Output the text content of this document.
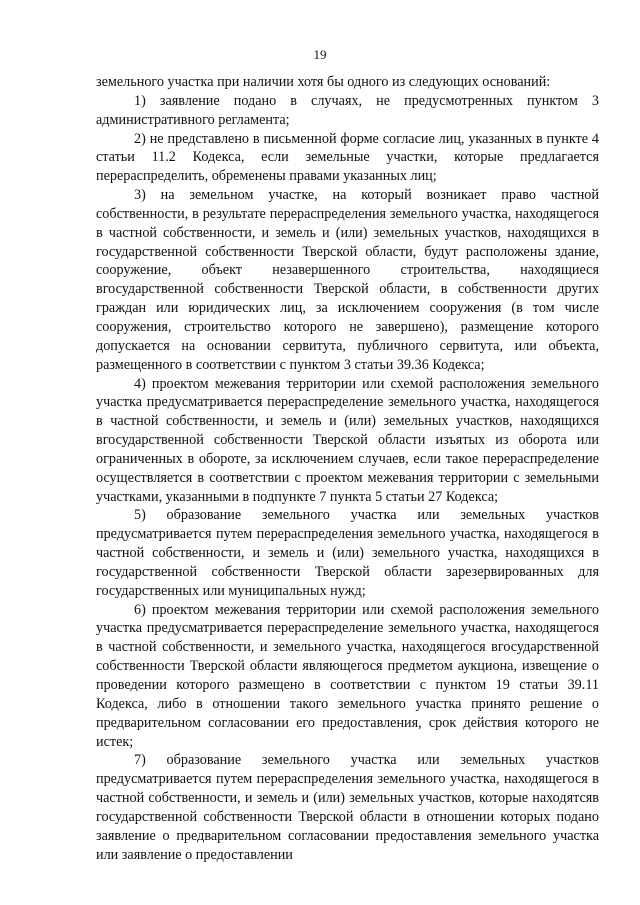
19

земельного участка при наличии хотя бы одного из следующих оснований:

1) заявление подано в случаях, не предусмотренных пунктом 3 административного регламента;

2) не представлено в письменной форме согласие лиц, указанных в пункте 4 статьи 11.2 Кодекса, если земельные участки, которые предлагается перераспределить, обременены правами указанных лиц;

3) на земельном участке, на который возникает право частной собственности, в результате перераспределения земельного участка, находящегося в частной собственности, и земель и (или) земельных участков, находящихся в государственной собственности Тверской области, будут расположены здание, сооружение, объект незавершенного строительства, находящиеся вгосударственной собственности Тверской области, в собственности других граждан или юридических лиц, за исключением сооружения (в том числе сооружения, строительство которого не завершено), размещение которого допускается на основании сервитута, публичного сервитута, или объекта, размещенного в соответствии с пунктом 3 статьи 39.36 Кодекса;

4) проектом межевания территории или схемой расположения земельного участка предусматривается перераспределение земельного участка, находящегося в частной собственности, и земель и (или) земельных участков, находящихся вгосударственной собственности Тверской области изъятых из оборота или ограниченных в обороте, за исключением случаев, если такое перераспределение осуществляется в соответствии с проектом межевания территории с земельными участками, указанными в подпункте 7 пункта 5 статьи 27 Кодекса;

5) образование земельного участка или земельных участков предусматривается путем перераспределения земельного участка, находящегося в частной собственности, и земель и (или) земельного участка, находящихся в государственной собственности Тверской области зарезервированных для государственных или муниципальных нужд;

6) проектом межевания территории или схемой расположения земельного участка предусматривается перераспределение земельного участка, находящегося в частной собственности, и земельного участка, находящегося вгосударственной собственности Тверской области являющегося предметом аукциона, извещение о проведении которого размещено в соответствии с пунктом 19 статьи 39.11 Кодекса, либо в отношении такого земельного участка принято решение о предварительном согласовании его предоставления, срок действия которого не истек;

7) образование земельного участка или земельных участков предусматривается путем перераспределения земельного участка, находящегося в частной собственности, и земель и (или) земельных участков, которые находятсяв государственной собственности Тверской области в отношении которых подано заявление о предварительном согласовании предоставления земельного участка или заявление о предоставлении
